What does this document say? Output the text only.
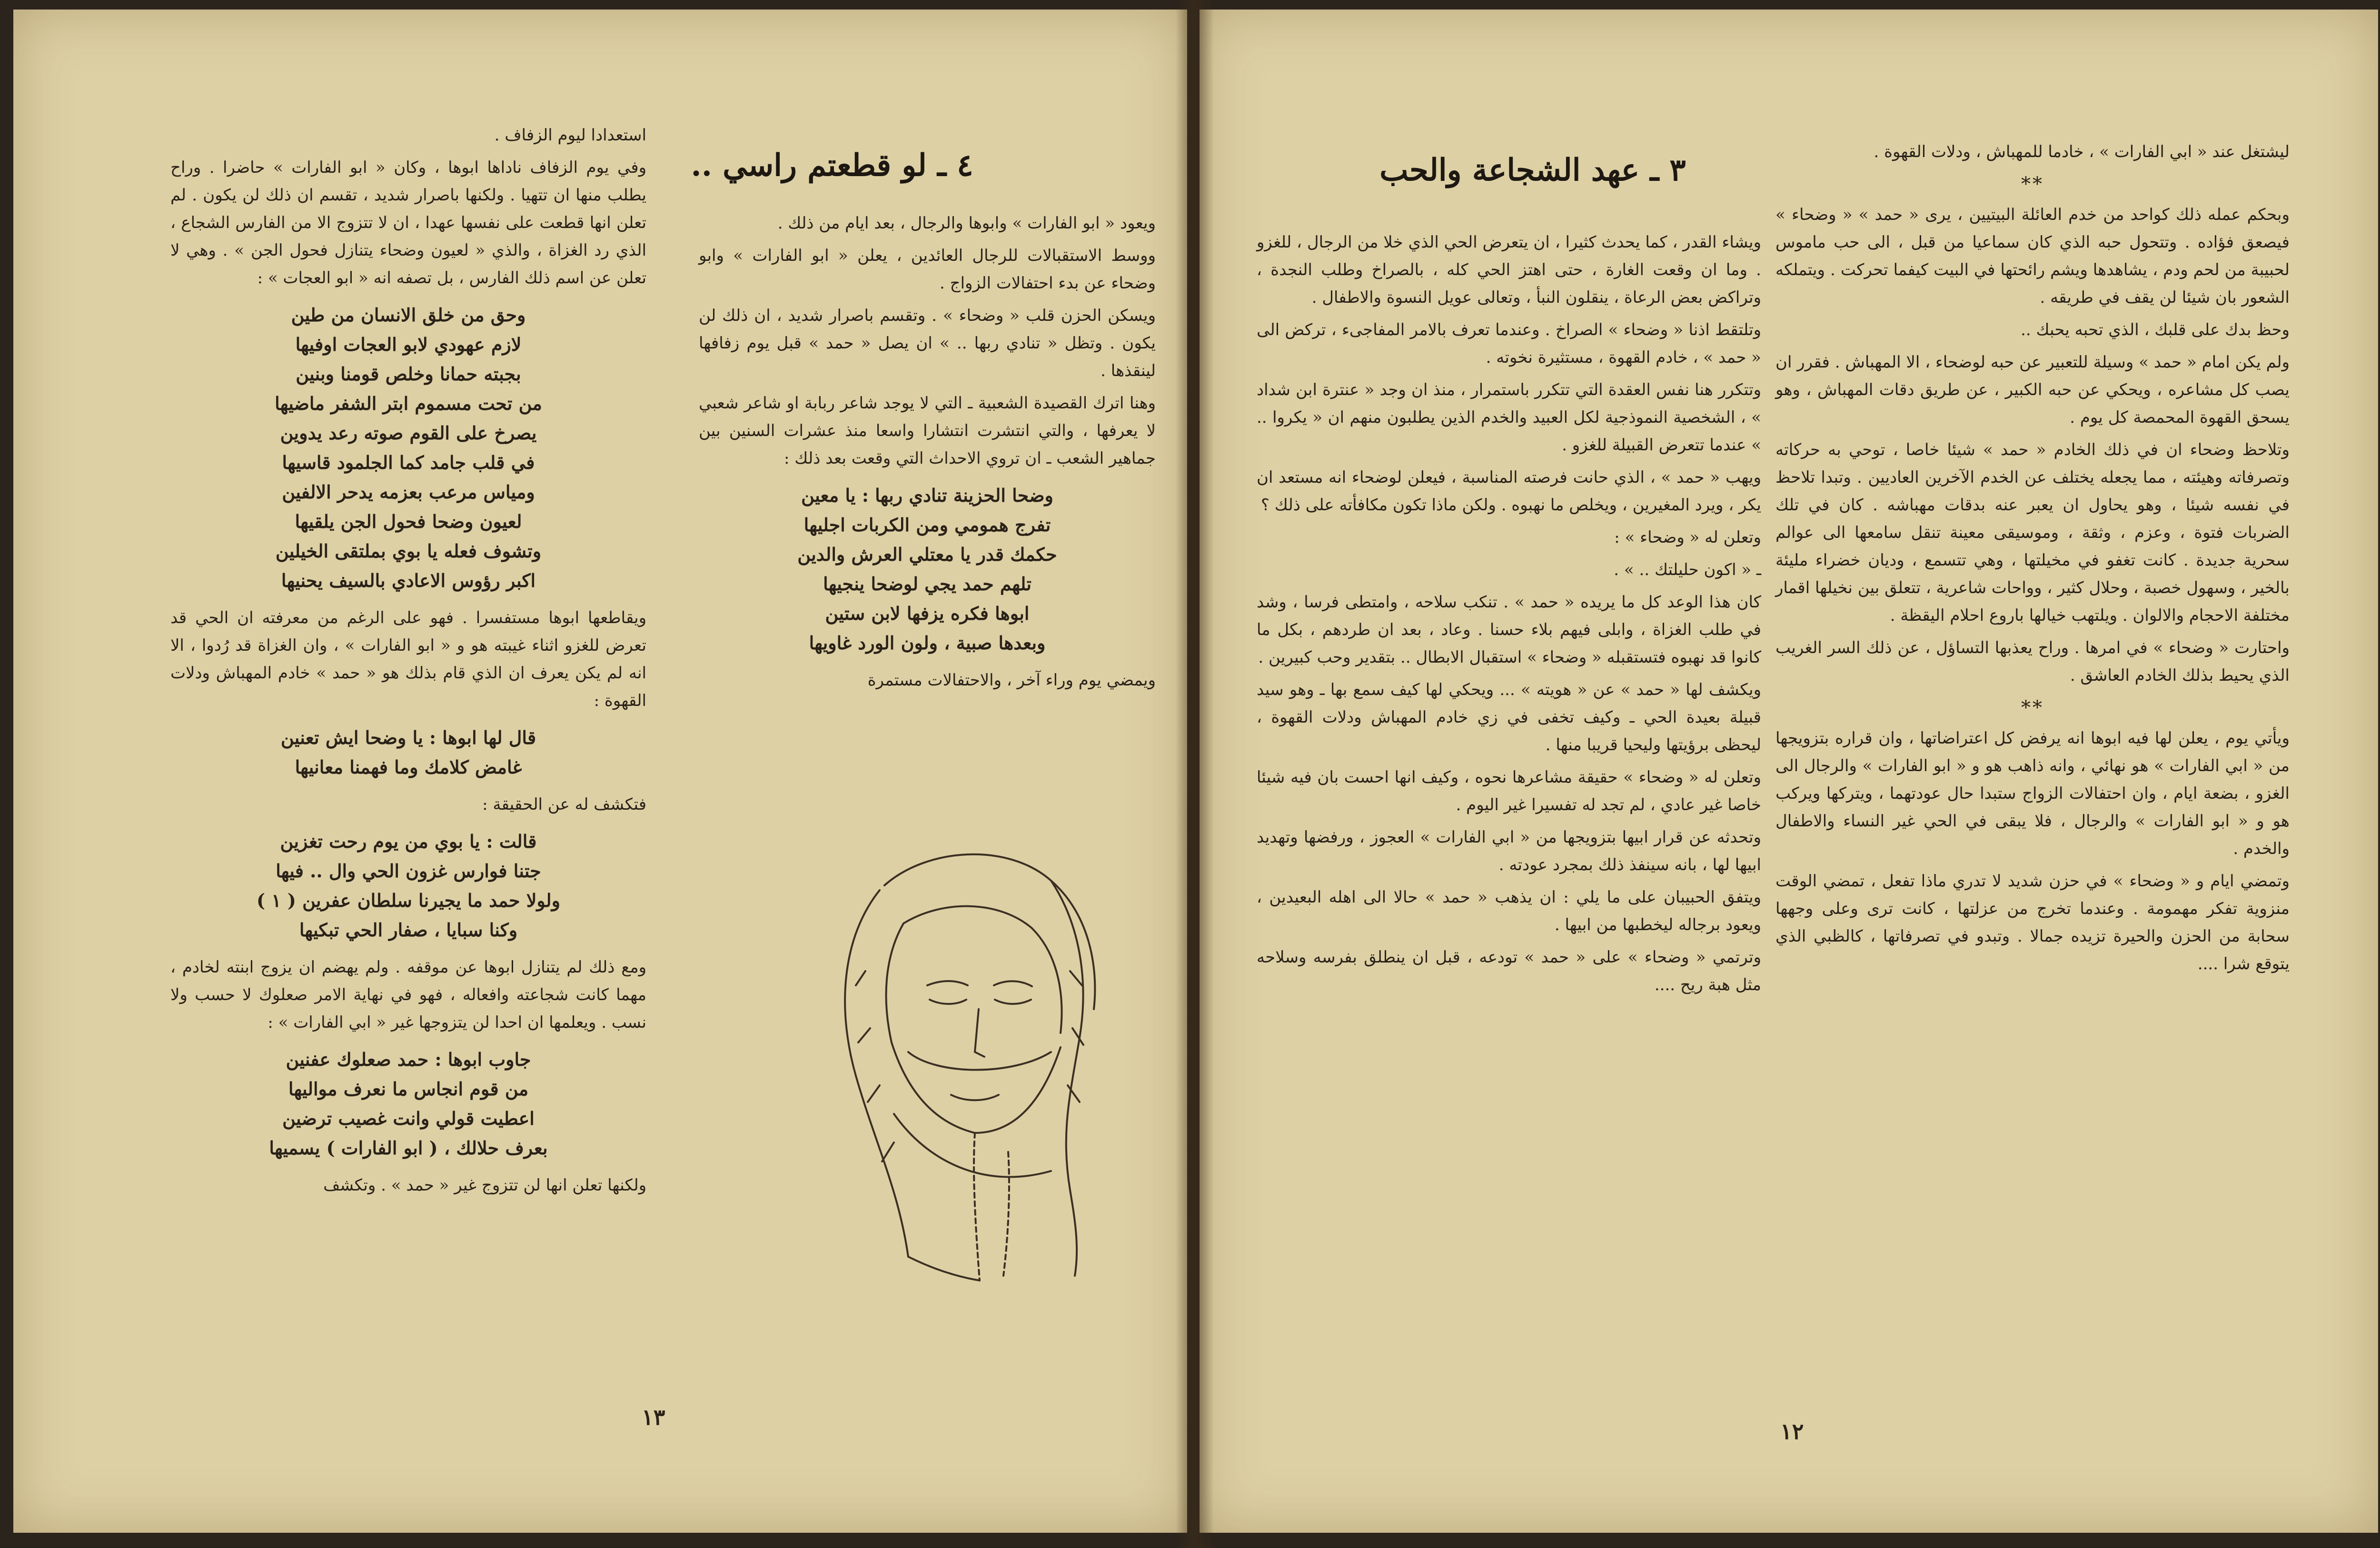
٤ ـ لو قطعتم راسي ..

استعدادا ليوم الزفاف .

وفي يوم الزفاف ناداها ابوها ، وكان « ابو الفارات » حاضرا . وراح يطلب منها ان تتهيا . ولكنها باصرار شديد ، تقسم ان ذلك لن يكون . لم تعلن انها قطعت على نفسها عهدا ، ان لا تتزوج الا من الفارس الشجاع ، الذي رد الغزاة ، والذي « لعيون وضحاء يتنازل فحول الجن » . وهي لا تعلن عن اسم ذلك الفارس ، بل تصفه انه « ابو العجات » :

وحق من خلق الانسان من طين
لازم عهودي لابو العجات اوفيها
بجبته حمانا وخلص قومنا وبنين
من تحت مسموم ابتر الشفر ماضيها
يصرخ على القوم صوته رعد يدوين
في قلب جامد كما الجلمود قاسيها
ومياس مرعب بعزمه يدحر الالفين
لعيون وضحا فحول الجن يلقيها
وتشوف فعله يا بوي بملتقى الخيلين
اكبر رؤوس الاعادي بالسيف يحنيها

ويقاطعها ابوها مستفسرا . فهو على الرغم من معرفته ان الحي قد تعرض للغزو اثناء غيبته هو و « ابو الفارات » ، وان الغزاة قد رُدوا ، الا انه لم يكن يعرف ان الذي قام بذلك هو « حمد » خادم المهباش ودلات القهوة :

قال لها ابوها : يا وضحا ايش تعنين
غامض كلامك وما فهمنا معانيها

فتكشف له عن الحقيقة :

قالت : يا بوي من يوم رحت تغزين
جتنا فوارس غزون الحي وال .. فيها
ولولا حمد ما يجيرنا سلطان عفرين ( ١ )
وكنا سبايا ، صفار الحي تبكيها

ومع ذلك لم يتنازل ابوها عن موقفه . ولم يهضم ان يزوج ابنته لخادم ، مهما كانت شجاعته وافعاله ، فهو في نهاية الامر صعلوك لا حسب ولا نسب . ويعلمها ان احدا لن يتزوجها غير « ابي الفارات » :

جاوب ابوها : حمد صعلوك عفنين
من قوم انجاس ما نعرف مواليها
اعطيت قولي وانت غصيب ترضين
بعرف حلالك ، ( ابو الفارات ) يسميها

ولكنها تعلن انها لن تتزوج غير « حمد » . وتكشف

ويعود « ابو الفارات » وابوها والرجال ، بعد ايام من ذلك .

ووسط الاستقبالات للرجال العائدين ، يعلن « ابو الفارات » وابو وضحاء عن بدء احتفالات الزواج .

ويسكن الحزن قلب « وضحاء » . وتقسم باصرار شديد ، ان ذلك لن يكون . وتظل « تنادي ربها .. » ان يصل « حمد » قبل يوم زفافها لينقذها .

وهنا اترك القصيدة الشعبية ـ التي لا يوجد شاعر ربابة او شاعر شعبي لا يعرفها ، والتي انتشرت انتشارا واسعا منذ عشرات السنين بين جماهير الشعب ـ ان تروي الاحداث التي وقعت بعد ذلك :

وضحا الحزينة تنادي ربها : يا معين
تفرج همومي ومن الكربات اجليها
حكمك قدر يا معتلي العرش والدين
تلهم حمد يجي لوضحا ينجيها
ابوها فكره يزفها لابن ستين
وبعدها صبية ، ولون الورد غاويها

ويمضي يوم وراء آخر ، والاحتفالات مستمرة

١٣
٣ ـ عهد الشجاعة والحب

ويشاء القدر ، كما يحدث كثيرا ، ان يتعرض الحي الذي خلا من الرجال ، للغزو . وما ان وقعت الغارة ، حتى اهتز الحي كله ، بالصراخ وطلب النجدة ، وتراكض بعض الرعاة ، ينقلون النبأ ، وتعالى عويل النسوة والاطفال .

وتلتقط اذنا « وضحاء » الصراخ . وعندما تعرف بالامر المفاجىء ، تركض الى « حمد » ، خادم القهوة ، مستثيرة نخوته .

وتتكرر هنا نفس العقدة التي تتكرر باستمرار ، منذ ان وجد « عنترة ابن شداد » ، الشخصية النموذجية لكل العبيد والخدم الذين يطلبون منهم ان « يكروا .. » عندما تتعرض القبيلة للغزو .

ويهب « حمد » ، الذي حانت فرصته المناسبة ، فيعلن لوضحاء انه مستعد ان يكر ، ويرد المغيرين ، ويخلص ما نهبوه . ولكن ماذا تكون مكافأته على ذلك ؟

وتعلن له « وضحاء » :

ـ « اكون حليلتك .. » .

كان هذا الوعد كل ما يريده « حمد » . تنكب سلاحه ، وامتطى فرسا ، وشد في طلب الغزاة ، وابلى فيهم بلاء حسنا . وعاد ، بعد ان طردهم ، بكل ما كانوا قد نهبوه فتستقبله « وضحاء » استقبال الابطال .. بتقدير وحب كبيرين .

ويكشف لها « حمد » عن « هويته » ... ويحكي لها كيف سمع بها ـ وهو سيد قبيلة بعيدة الحي ـ وكيف تخفى في زي خادم المهباش ودلات القهوة ، ليحظى برؤيتها وليحيا قريبا منها .

وتعلن له « وضحاء » حقيقة مشاعرها نحوه ، وكيف انها احست بان فيه شيئا خاصا غير عادي ، لم تجد له تفسيرا غير اليوم .

وتحدثه عن قرار ابيها بتزويجها من « ابي الفارات » العجوز ، ورفضها وتهديد ابيها لها ، بانه سينفذ ذلك بمجرد عودته .

ويتفق الحبيبان على ما يلي : ان يذهب « حمد » حالا الى اهله البعيدين ، ويعود برجاله ليخطبها من ابيها .

وترتمي « وضحاء » على « حمد » تودعه ، قبل ان ينطلق بفرسه وسلاحه مثل هبة ريح ....

ليشتغل عند « ابي الفارات » ، خادما للمهباش ، ودلات القهوة .

**

وبحكم عمله ذلك كواحد من خدم العائلة البيتيين ، يرى « حمد » « وضحاء » فيصعق فؤاده . وتتحول حبه الذي كان سماعيا من قبل ، الى حب ماموس لحبيبة من لحم ودم ، يشاهدها ويشم رائحتها في البيت كيفما تحركت . ويتملكه الشعور بان شيئا لن يقف في طريقه .

وحظ بدك على قلبك ، الذي تحبه يحبك ..

ولم يكن امام « حمد » وسيلة للتعبير عن حبه لوضحاء ، الا المهباش . فقرر ان يصب كل مشاعره ، ويحكي عن حبه الكبير ، عن طريق دقات المهباش ، وهو يسحق القهوة المحمصة كل يوم .

وتلاحظ وضحاء ان في ذلك الخادم « حمد » شيئا خاصا ، توحي به حركاته وتصرفاته وهيئته ، مما يجعله يختلف عن الخدم الآخرين العاديين . وتبدا تلاحظ في نفسه شيئا ، وهو يحاول ان يعبر عنه بدقات مهباشه . كان في تلك الضربات فتوة ، وعزم ، وثقة ، وموسيقى معينة تنقل سامعها الى عوالم سحرية جديدة . كانت تغفو في مخيلتها ، وهي تتسمع ، وديان خضراء مليئة بالخير ، وسهول خصبة ، وحلال كثير ، وواحات شاعرية ، تتعلق بين نخيلها اقمار مختلفة الاحجام والالوان . ويلتهب خيالها باروع احلام اليقظة .

واحتارت « وضحاء » في امرها . وراح يعذبها التساؤل ، عن ذلك السر الغريب الذي يحيط بذلك الخادم العاشق .

**

ويأتي يوم ، يعلن لها فيه ابوها انه يرفض كل اعتراضاتها ، وان قراره بتزويجها من « ابي الفارات » هو نهائي ، وانه ذاهب هو و « ابو الفارات » والرجال الى الغزو ، بضعة ايام ، وان احتفالات الزواج ستبدا حال عودتهما ، ويتركها ويركب هو و « ابو الفارات » والرجال ، فلا يبقى في الحي غير النساء والاطفال والخدم .

وتمضي ايام و « وضحاء » في حزن شديد لا تدري ماذا تفعل ، تمضي الوقت منزوية تفكر مهمومة . وعندما تخرج من عزلتها ، كانت ترى وعلى وجهها سحابة من الحزن والحيرة تزيده جمالا . وتبدو في تصرفاتها ، كالظبي الذي يتوقع شرا ....

١٢
